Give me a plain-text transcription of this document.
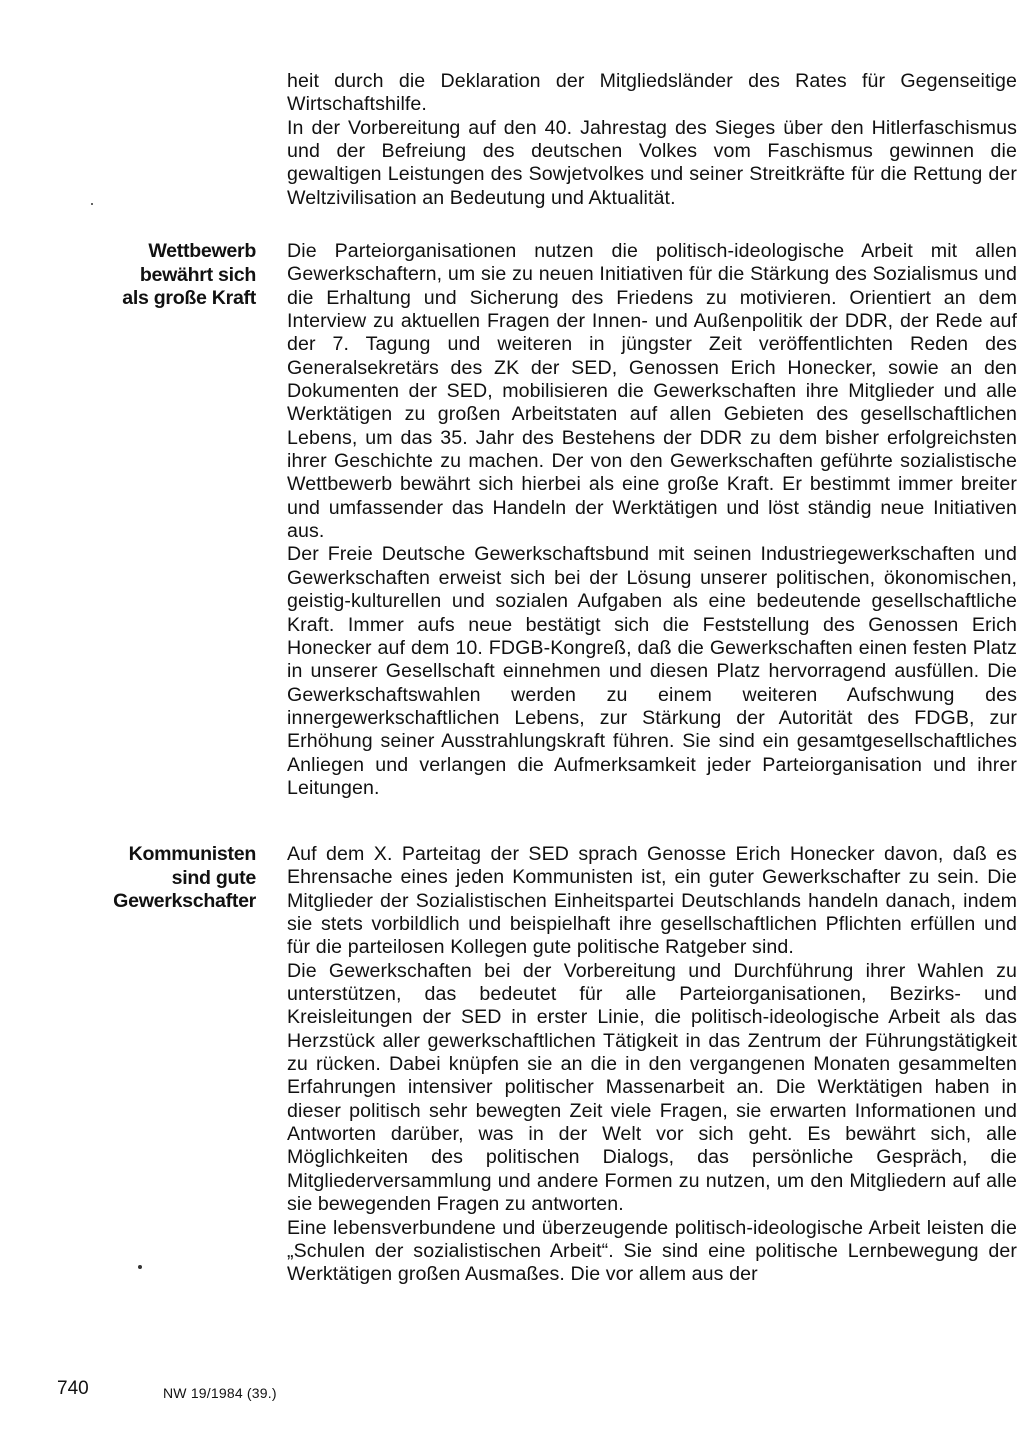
heit durch die Deklaration der Mitgliedsländer des Rates für Gegenseitige Wirtschaftshilfe.

In der Vorbereitung auf den 40. Jahrestag des Sieges über den Hitlerfaschismus und der Befreiung des deutschen Volkes vom Faschismus gewinnen die gewaltigen Leistungen des Sowjetvolkes und seiner Streitkräfte für die Rettung der Weltzivilisation an Bedeutung und Aktualität.

Wettbewerb
bewährt sich
als große Kraft

Die Parteiorganisationen nutzen die politisch-ideologische Arbeit mit allen Gewerkschaftern, um sie zu neuen Initiativen für die Stärkung des Sozialismus und die Erhaltung und Sicherung des Friedens zu motivieren. Orientiert an dem Interview zu aktuellen Fragen der Innen- und Außenpolitik der DDR, der Rede auf der 7. Tagung und weiteren in jüngster Zeit veröffentlichten Reden des Generalsekretärs des ZK der SED, Genossen Erich Honecker, sowie an den Dokumenten der SED, mobilisieren die Gewerkschaften ihre Mitglieder und alle Werktätigen zu großen Arbeitstaten auf allen Gebieten des gesellschaftlichen Lebens, um das 35. Jahr des Bestehens der DDR zu dem bisher erfolgreichsten ihrer Geschichte zu machen. Der von den Gewerkschaften geführte sozialistische Wettbewerb bewährt sich hierbei als eine große Kraft. Er bestimmt immer breiter und umfassender das Handeln der Werktätigen und löst ständig neue Initiativen aus.

Der Freie Deutsche Gewerkschaftsbund mit seinen Industriegewerkschaften und Gewerkschaften erweist sich bei der Lösung unserer politischen, ökonomischen, geistig-kulturellen und sozialen Aufgaben als eine bedeutende gesellschaftliche Kraft. Immer aufs neue bestätigt sich die Feststellung des Genossen Erich Honecker auf dem 10. FDGB-Kongreß, daß die Gewerkschaften einen festen Platz in unserer Gesellschaft einnehmen und diesen Platz hervorragend ausfüllen. Die Gewerkschaftswahlen werden zu einem weiteren Aufschwung des innergewerkschaftlichen Lebens, zur Stärkung der Autorität des FDGB, zur Erhöhung seiner Ausstrahlungskraft führen. Sie sind ein gesamtgesellschaftliches Anliegen und verlangen die Aufmerksamkeit jeder Parteiorganisation und ihrer Leitungen.

Kommunisten
sind gute
Gewerkschafter

Auf dem X. Parteitag der SED sprach Genosse Erich Honecker davon, daß es Ehrensache eines jeden Kommunisten ist, ein guter Gewerkschafter zu sein. Die Mitglieder der Sozialistischen Einheitspartei Deutschlands handeln danach, indem sie stets vorbildlich und beispielhaft ihre gesellschaftlichen Pflichten erfüllen und für die parteilosen Kollegen gute politische Ratgeber sind.

Die Gewerkschaften bei der Vorbereitung und Durchführung ihrer Wahlen zu unterstützen, das bedeutet für alle Parteiorganisationen, Bezirks- und Kreisleitungen der SED in erster Linie, die politisch-ideologische Arbeit als das Herzstück aller gewerkschaftlichen Tätigkeit in das Zentrum der Führungstätigkeit zu rücken. Dabei knüpfen sie an die in den vergangenen Monaten gesammelten Erfahrungen intensiver politischer Massenarbeit an. Die Werktätigen haben in dieser politisch sehr bewegten Zeit viele Fragen, sie erwarten Informationen und Antworten darüber, was in der Welt vor sich geht. Es bewährt sich, alle Möglichkeiten des politischen Dialogs, das persönliche Gespräch, die Mitgliederversammlung und andere Formen zu nutzen, um den Mitgliedern auf alle sie bewegenden Fragen zu antworten.

Eine lebensverbundene und überzeugende politisch-ideologische Arbeit leisten die „Schulen der sozialistischen Arbeit“. Sie sind eine politische Lernbewegung der Werktätigen großen Ausmaßes. Die vor allem aus der

740	NW 19/1984 (39.)
